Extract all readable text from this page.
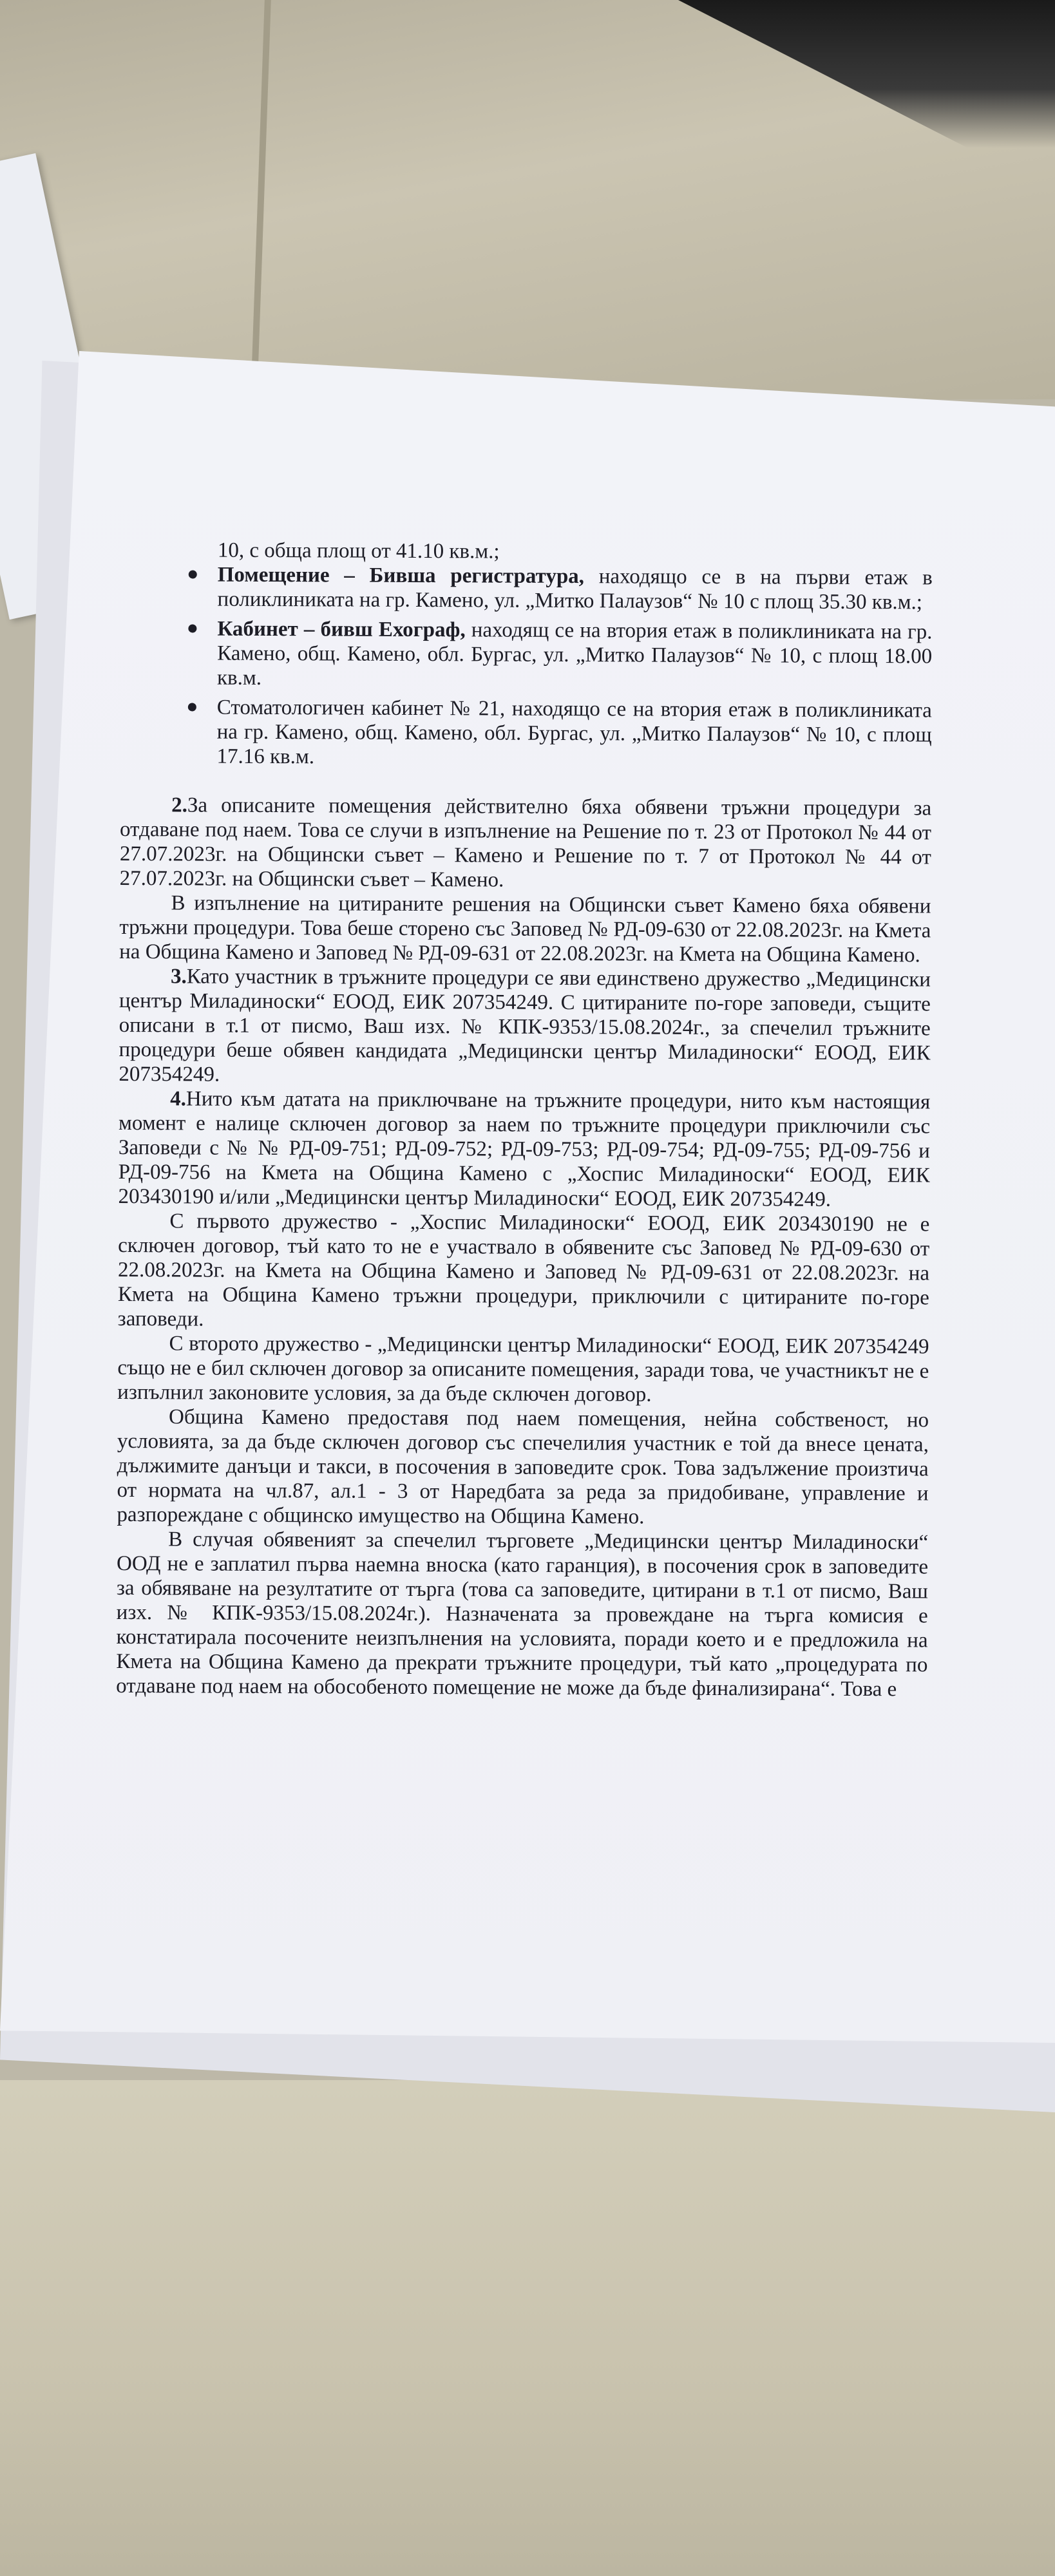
10, с обща площ от 41.10 кв.м.;

Помещение – Бивша регистратура, находящо се в на първи етаж в поликлиниката на гр. Камено, ул. „Митко Палаузов“ № 10 с площ 35.30 кв.м.;
Кабинет – бивш Ехограф, находящ се на втория етаж в поликлиниката на гр. Камено, общ. Камено, обл. Бургас, ул. „Митко Палаузов“ № 10, с площ 18.00 кв.м.
Стоматологичен кабинет № 21, находящо се на втория етаж в поликлиниката на гр. Камено, общ. Камено, обл. Бургас, ул. „Митко Палаузов“ № 10, с площ 17.16 кв.м.

2.За описаните помещения действително бяха обявени тръжни процедури за отдаване под наем. Това се случи в изпълнение на Решение по т. 23 от Протокол № 44 от 27.07.2023г. на Общински съвет – Камено и Решение по т. 7 от Протокол № 44 от 27.07.2023г. на Общински съвет – Камено.

В изпълнение на цитираните решения на Общински съвет Камено бяха обявени тръжни процедури. Това беше сторено със Заповед № РД-09-630 от 22.08.2023г. на Кмета на Община Камено и Заповед № РД-09-631 от 22.08.2023г. на Кмета на Община Камено.

3.Като участник в тръжните процедури се яви единствено дружество „Медицински център Миладиноски“ ЕООД, ЕИК 207354249. С цитираните по-горе заповеди, същите описани в т.1 от писмо, Ваш изх. № КПК-9353/15.08.2024г., за спечелил тръжните процедури беше обявен кандидата „Медицински център Миладиноски“ ЕООД, ЕИК 207354249.

4.Нито към датата на приключване на тръжните процедури, нито към настоящия момент е налице сключен договор за наем по тръжните процедури приключили със Заповеди с № № РД-09-751; РД-09-752; РД-09-753; РД-09-754; РД-09-755; РД-09-756 и РД-09-756 на Кмета на Община Камено с „Хоспис Миладиноски“ ЕООД, ЕИК 203430190 и/или „Медицински център Миладиноски“ ЕООД, ЕИК 207354249.

С първото дружество - „Хоспис Миладиноски“ ЕООД, ЕИК 203430190 не е сключен договор, тъй като то не е участвало в обявените със Заповед № РД-09-630 от 22.08.2023г. на Кмета на Община Камено и Заповед № РД-09-631 от 22.08.2023г. на Кмета на Община Камено тръжни процедури, приключили с цитираните по-горе заповеди.

С второто дружество - „Медицински център Миладиноски“ ЕООД, ЕИК 207354249 също не е бил сключен договор за описаните помещения, заради това, че участникът не е изпълнил законовите условия, за да бъде сключен договор.

Община Камено предоставя под наем помещения, нейна собственост, но условията, за да бъде сключен договор със спечелилия участник е той да внесе цената, дължимите данъци и такси, в посочения в заповедите срок. Това задължение произтича от нормата на чл.87, ал.1 - 3 от Наредбата за реда за придобиване, управление и разпореждане с общинско имущество на Община Камено.

В случая обявеният за спечелил търговете „Медицински център Миладиноски“ ООД не е заплатил първа наемна вноска (като гаранция), в посочения срок в заповедите за обявяване на резултатите от търга (това са заповедите, цитирани в т.1 от писмо, Ваш изх. № КПК-9353/15.08.2024г.). Назначената за провеждане на търга комисия е констатирала посочените неизпълнения на условията, поради което и е предложила на Кмета на Община Камено да прекрати тръжните процедури, тъй като „процедурата по отдаване под наем на обособеното помещение не може да бъде финализирана“. Това е
